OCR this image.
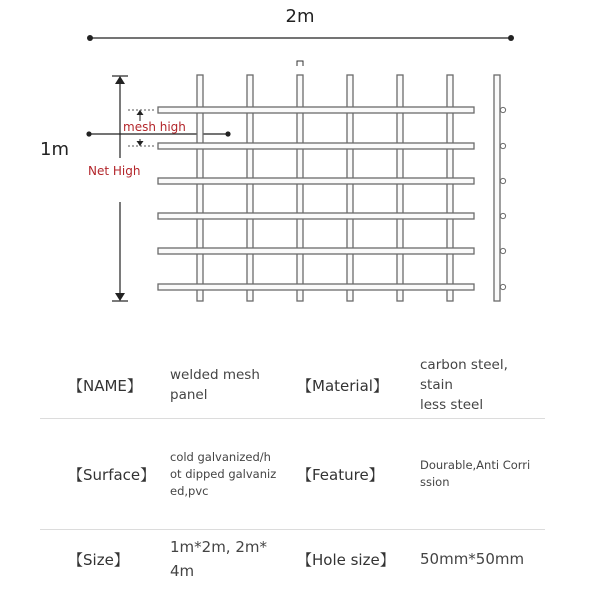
2m
1m
Net High
mesh high
【NAME】
welded mesh
panel
【Material】
carbon steel, stain
less steel
【Surface】
cold galvanized/h
ot dipped galvaniz
ed,pvc
【Feature】
Dourable,Anti Corri
ssion
【Size】
1m*2m, 2m*
4m
【Hole size】	50mm*50mm
